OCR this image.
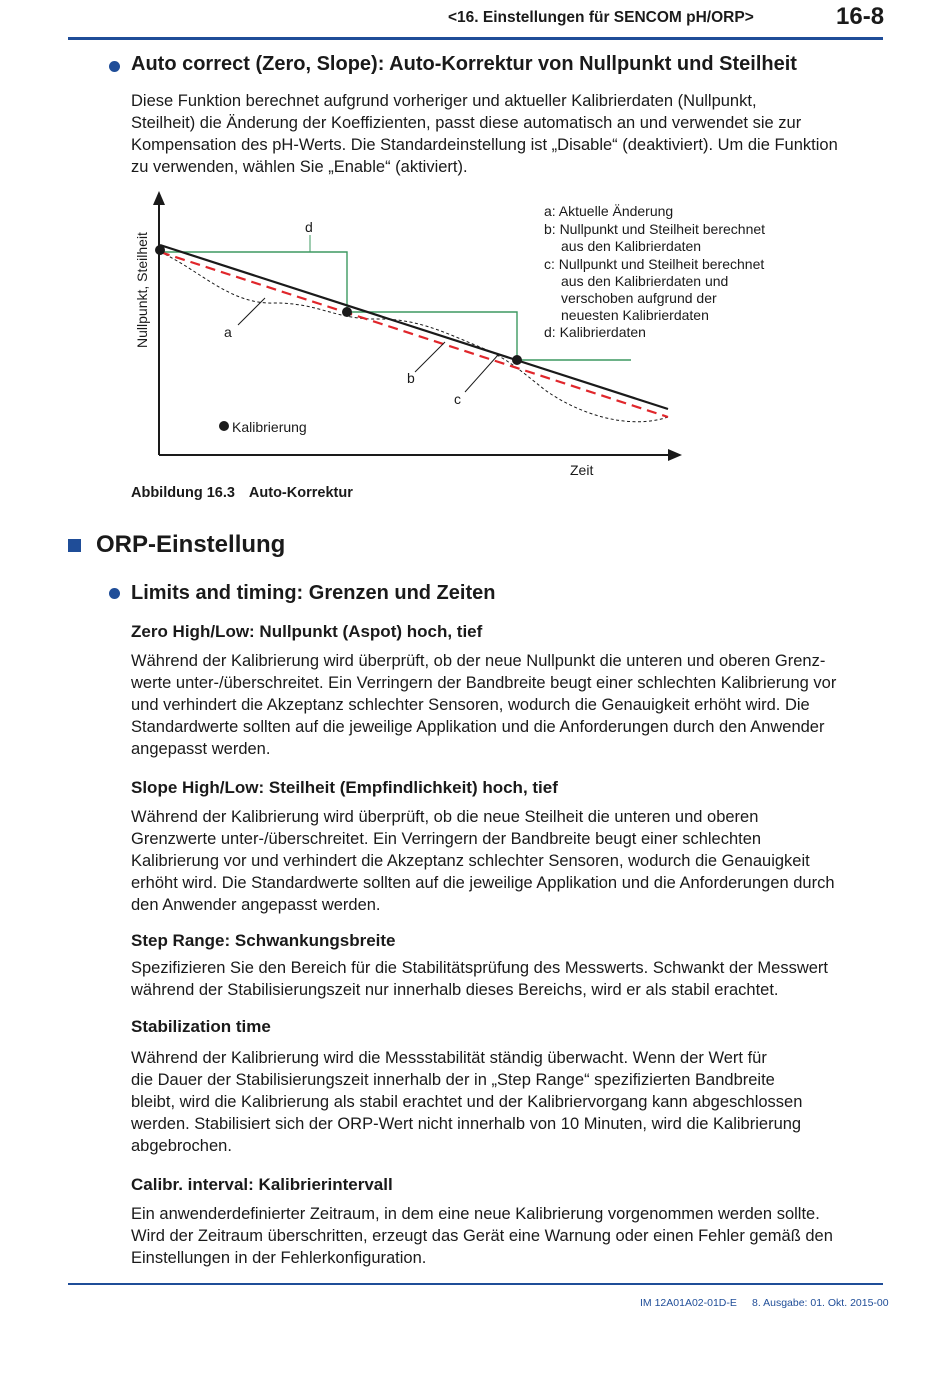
<16. Einstellungen für SENCOM pH/ORP>	16-8
Auto correct (Zero, Slope): Auto-Korrektur von Nullpunkt und Steilheit
Diese Funktion berechnet aufgrund vorheriger und aktueller Kalibrierdaten (Nullpunkt,
Steilheit) die Änderung der Koeffizienten, passt diese automatisch an und verwendet sie zur
Kompensation des pH-Werts. Die Standardeinstellung ist „Disable“ (deaktiviert). Um die Funktion
zu verwenden, wählen Sie „Enable“ (aktiviert).
Nullpunkt, Steilheit
Zeit
a
d
b
c
Kalibrierung
a: Aktuelle Änderung
b: Nullpunkt und Steilheit berechnet
aus den Kalibrierdaten
c: Nullpunkt und Steilheit berechnet
aus den Kalibrierdaten und
verschoben aufgrund der
neuesten Kalibrierdaten
d: Kalibrierdaten
Abbildung 16.3 Auto-Korrektur
ORP-Einstellung
Limits and timing: Grenzen und Zeiten
Zero High/Low: Nullpunkt (Aspot) hoch, tief
Während der Kalibrierung wird überprüft, ob der neue Nullpunkt die unteren und oberen Grenz-
werte unter-/überschreitet. Ein Verringern der Bandbreite beugt einer schlechten Kalibrierung vor
und verhindert die Akzeptanz schlechter Sensoren, wodurch die Genauigkeit erhöht wird. Die
Standardwerte sollten auf die jeweilige Applikation und die Anforderungen durch den Anwender
angepasst werden.
Slope High/Low: Steilheit (Empfindlichkeit) hoch, tief
Während der Kalibrierung wird überprüft, ob die neue Steilheit die unteren und oberen
Grenzwerte unter-/überschreitet. Ein Verringern der Bandbreite beugt einer schlechten
Kalibrierung vor und verhindert die Akzeptanz schlechter Sensoren, wodurch die Genauigkeit
erhöht wird. Die Standardwerte sollten auf die jeweilige Applikation und die Anforderungen durch
den Anwender angepasst werden.
Step Range: Schwankungsbreite
Spezifizieren Sie den Bereich für die Stabilitätsprüfung des Messwerts. Schwankt der Messwert
während der Stabilisierungszeit nur innerhalb dieses Bereichs, wird er als stabil erachtet.
Stabilization time
Während der Kalibrierung wird die Messstabilität ständig überwacht. Wenn der Wert für
die Dauer der Stabilisierungszeit innerhalb der in „Step Range“ spezifizierten Bandbreite
bleibt, wird die Kalibrierung als stabil erachtet und der Kalibriervorgang kann abgeschlossen
werden. Stabilisiert sich der ORP-Wert nicht innerhalb von 10 Minuten, wird die Kalibrierung
abgebrochen.
Calibr. interval: Kalibrierintervall
Ein anwenderdefinierter Zeitraum, in dem eine neue Kalibrierung vorgenommen werden sollte.
Wird der Zeitraum überschritten, erzeugt das Gerät eine Warnung oder einen Fehler gemäß den
Einstellungen in der Fehlerkonfiguration.
IM 12A01A02-01D-E 8. Ausgabe: 01. Okt. 2015-00
